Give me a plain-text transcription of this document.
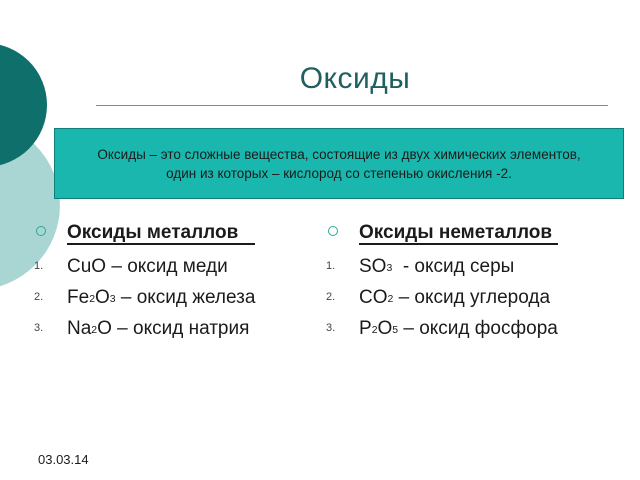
Оксиды
Оксиды – это сложные вещества, состоящие из двух химических элементов, один из которых – кислород со степенью окисления -2.
Оксиды металлов
1. CuO – оксид меди
2. $Fe_2O_3$ – оксид железа
3. $Na_2O$ – оксид натрия
Оксиды неметаллов
1. $SO_3$  - оксид серы
2. $CO_2$ – оксид углерода
3. $P_2O_5$ – оксид фосфора
03.03.14
